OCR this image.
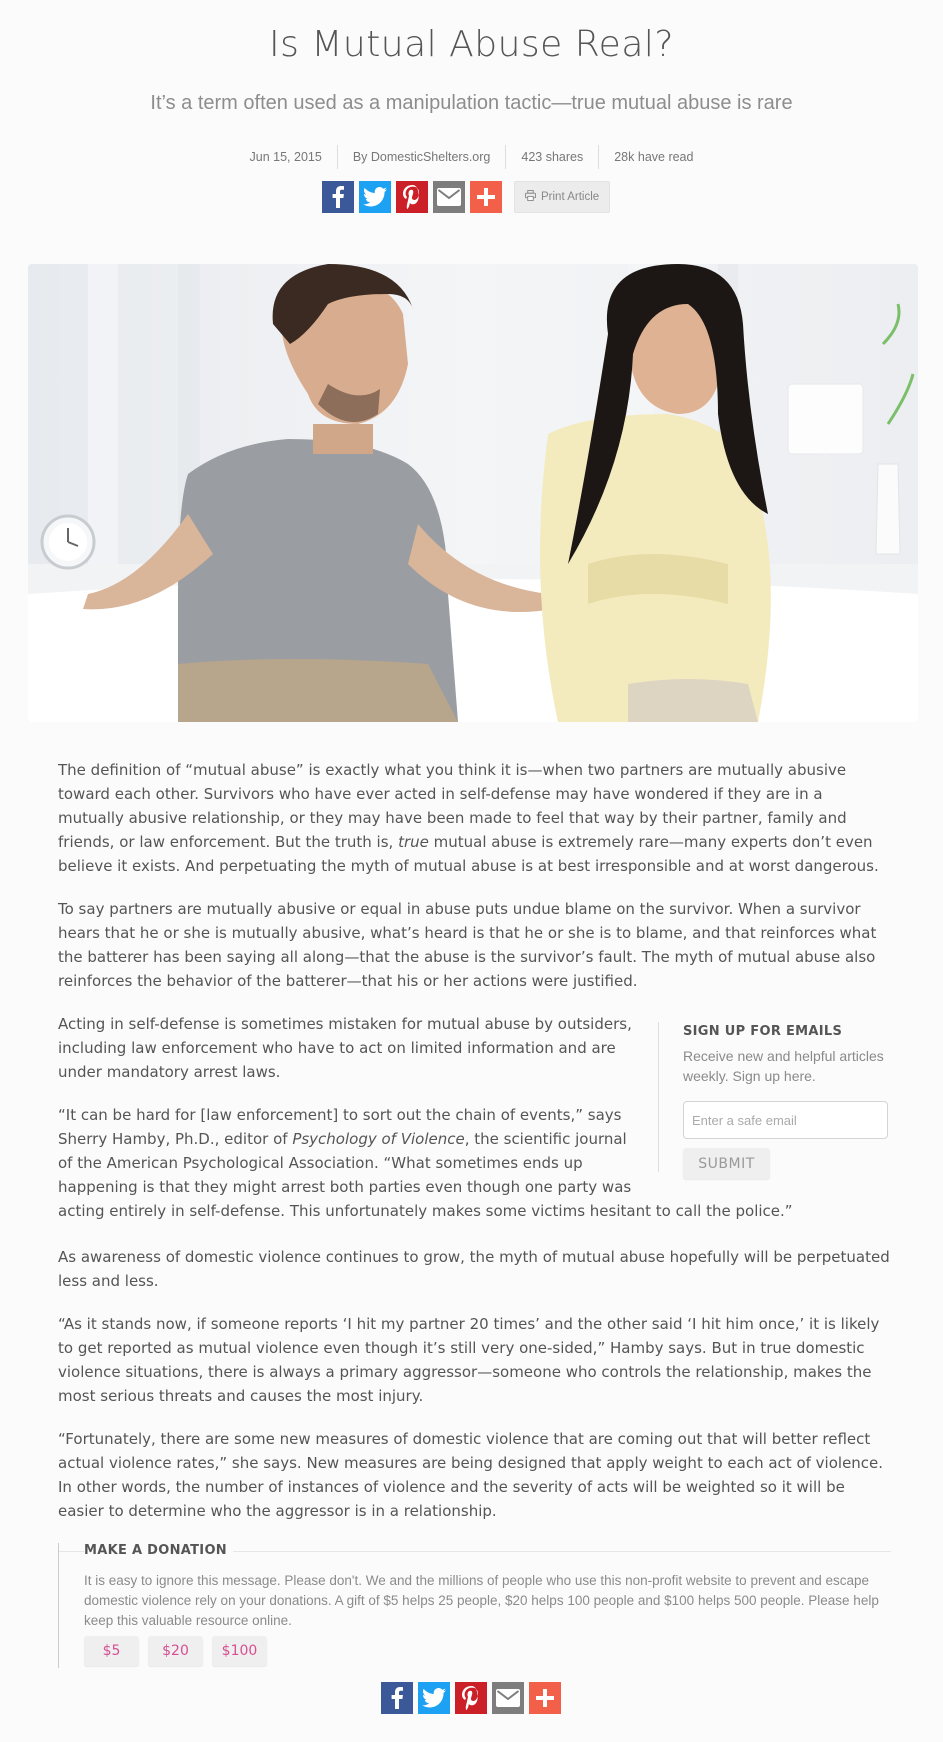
Is Mutual Abuse Real?
It’s a term often used as a manipulation tactic—true mutual abuse is rare
Jun 15, 2015	By DomesticShelters.org	423 shares	28k have read
Print Article

The definition of “mutual abuse” is exactly what you think it is—when two partners are mutually abusive toward each other. Survivors who have ever acted in self-defense may have wondered if they are in a mutually abusive relationship, or they may have been made to feel that way by their partner, family and friends, or law enforcement. But the truth is, true mutual abuse is extremely rare—many experts don’t even believe it exists. And perpetuating the myth of mutual abuse is at best irresponsible and at worst dangerous.

To say partners are mutually abusive or equal in abuse puts undue blame on the survivor. When a survivor hears that he or she is mutually abusive, what’s heard is that he or she is to blame, and that reinforces what the batterer has been saying all along—that the abuse is the survivor’s fault. The myth of mutual abuse also reinforces the behavior of the batterer—that his or her actions were justified.

Acting in self-defense is sometimes mistaken for mutual abuse by outsiders, including law enforcement who have to act on limited information and are under mandatory arrest laws.

“It can be hard for [law enforcement] to sort out the chain of events,” says
Sherry Hamby, Ph.D., editor of Psychology of Violence, the scientific journal
of the American Psychological Association. “What sometimes ends up
happening is that they might arrest both parties even though one party was
acting entirely in self-defense. This unfortunately makes some victims hesitant to call the police.”

As awareness of domestic violence continues to grow, the myth of mutual abuse hopefully will be perpetuated less and less.

“As it stands now, if someone reports ‘I hit my partner 20 times’ and the other said ‘I hit him once,’ it is likely to get reported as mutual violence even though it’s still very one-sided,” Hamby says. But in true domestic violence situations, there is always a primary aggressor—someone who controls the relationship, makes the most serious threats and causes the most injury.

“Fortunately, there are some new measures of domestic violence that are coming out that will better reflect actual violence rates,” she says. New measures are being designed that apply weight to each act of violence. In other words, the number of instances of violence and the severity of acts will be weighted so it will be easier to determine who the aggressor is in a relationship.

SIGN UP FOR EMAILS
Receive new and helpful articles weekly. Sign up here.
Enter a safe email SUBMIT
MAKE A DONATION
It is easy to ignore this message. Please don't. We and the millions of people who use this non-profit website to prevent and escape domestic violence rely on your donations. A gift of $5 helps 25 people, $20 helps 100 people and $100 helps 500 people. Please help keep this valuable resource online.
$5	$20	$100
